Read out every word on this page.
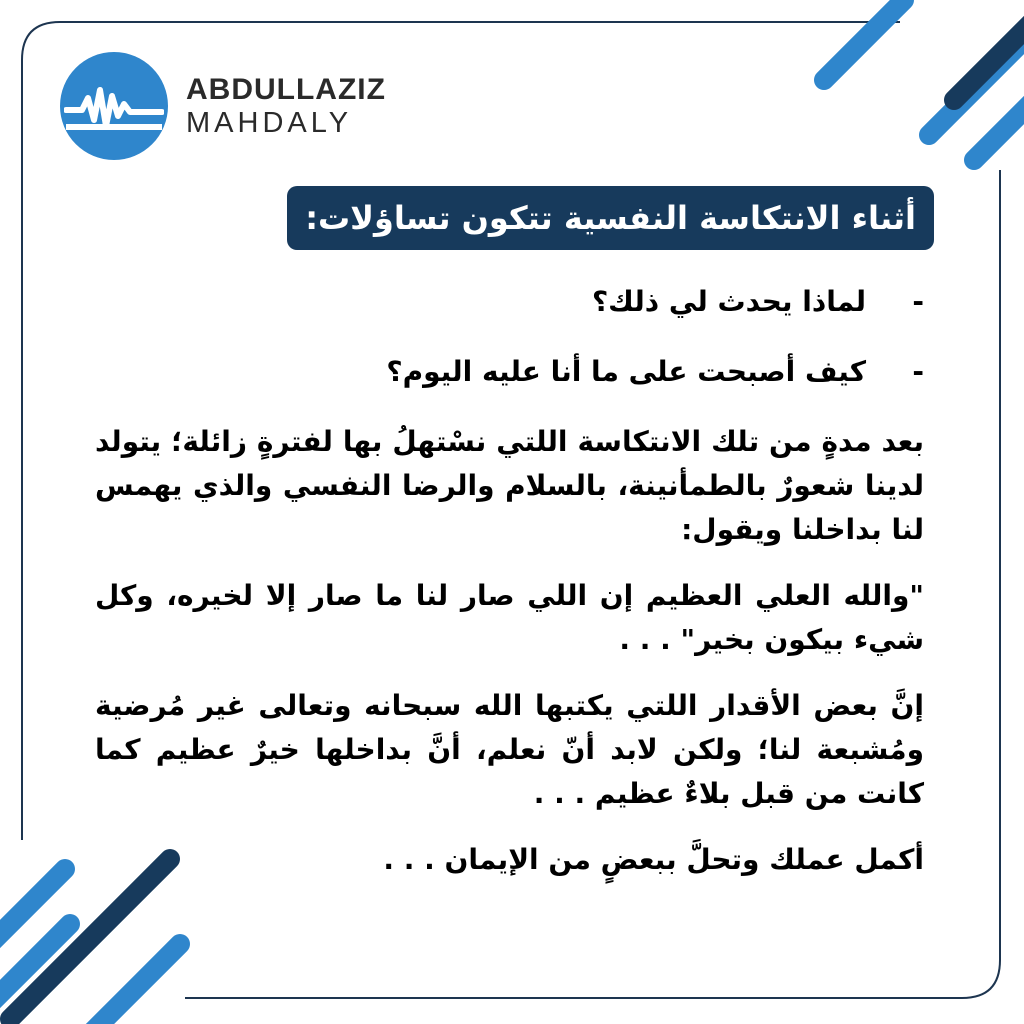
ABDULLAZIZ
MAHDALY
أثناء الانتكاسة النفسية تتكون تساؤلات:
-
لماذا يحدث لي ذلك؟
-
كيف أصبحت على ما أنا عليه اليوم؟

بعد مدةٍ من تلك الانتكاسة اللتي نسْتهلُ بها لفترةٍ زائلة؛ يتولد لدينا شعورٌ بالطمأنينة، بالسلام والرضا النفسي والذي يهمس لنا بداخلنا ويقول:

"والله العلي العظيم إن اللي صار لنا ما صار إلا لخيره، وكل شيء بيكون بخير" . . .

إنَّ بعض الأقدار اللتي يكتبها الله سبحانه وتعالى غير مُرضية ومُشبعة لنا؛ ولكن لابد أنّ نعلم، أنَّ بداخلها خيرٌ عظيم كما كانت من قبل بلاءٌ عظيم . . .

أكمل عملك وتحلَّ ببعضٍ من الإيمان . . .
